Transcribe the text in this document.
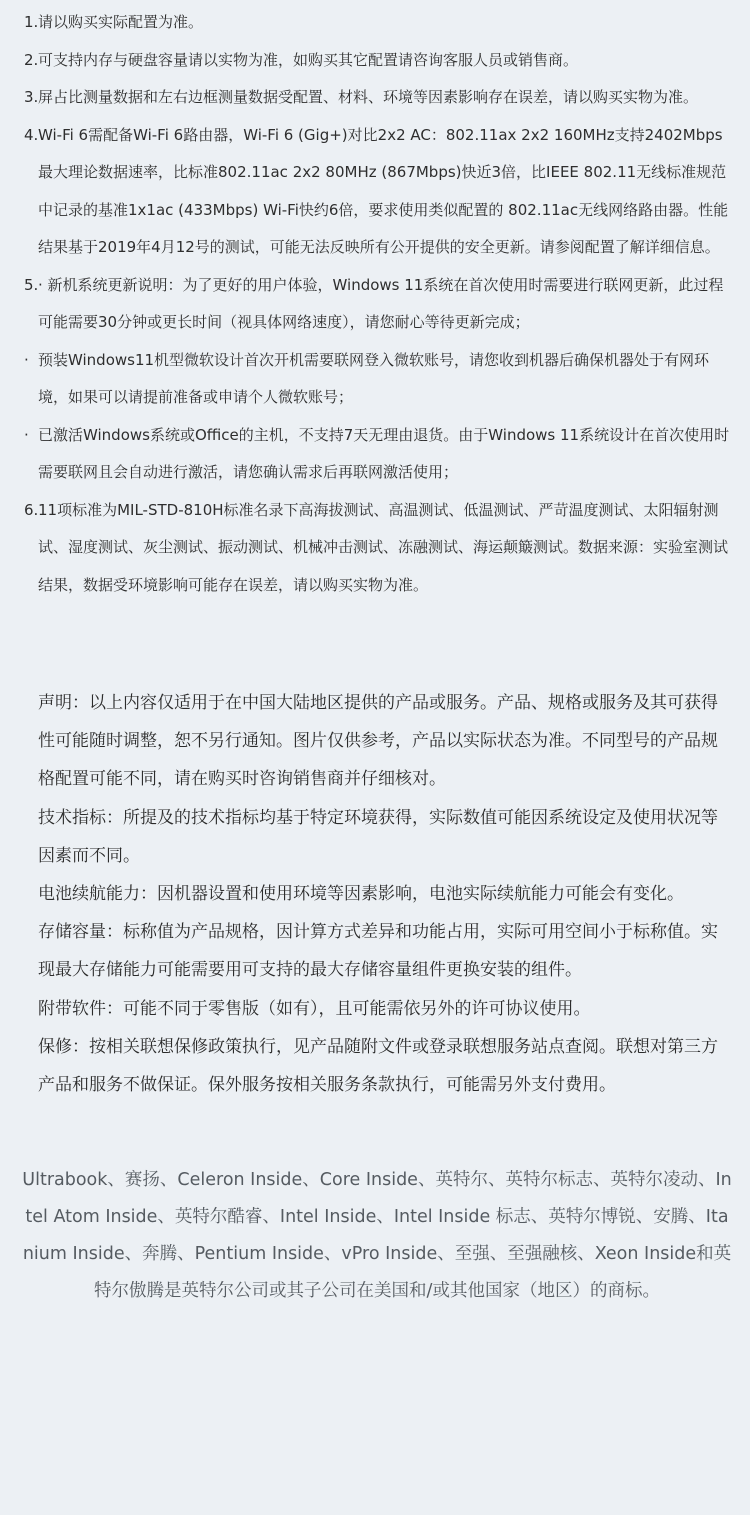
1. 请以购买实际配置为准。
2. 可支持内存与硬盘容量请以实物为准，如购买其它配置请咨询客服人员或销售商。
3. 屏占比测量数据和左右边框测量数据受配置、材料、环境等因素影响存在误差，请以购买实物为准。
4. Wi-Fi 6需配备Wi-Fi 6路由器，Wi-Fi 6 (Gig+)对比2x2 AC：802.11ax 2x2 160MHz支持2402Mbps最大理论数据速率，比标准802.11ac 2x2 80MHz (867Mbps)快近3倍，比IEEE 802.11无线标准规范中记录的基准1x1ac (433Mbps) Wi-Fi快约6倍，要求使用类似配置的 802.11ac无线网络路由器。性能结果基于2019年4月12号的测试，可能无法反映所有公开提供的安全更新。请参阅配置了解详细信息。
5. · 新机系统更新说明：为了更好的用户体验，Windows 11系统在首次使用时需要进行联网更新，此过程可能需要30分钟或更长时间（视具体网络速度），请您耐心等待更新完成；
· 预装Windows11机型微软设计首次开机需要联网登入微软账号，请您收到机器后确保机器处于有网环境，如果可以请提前准备或申请个人微软账号；
· 已激活Windows系统或Office的主机，不支持7天无理由退货。由于Windows 11系统设计在首次使用时需要联网且会自动进行激活，请您确认需求后再联网激活使用；
6. 11项标准为MIL-STD-810H标准名录下高海拔测试、高温测试、低温测试、严苛温度测试、太阳辐射测试、湿度测试、灰尘测试、振动测试、机械冲击测试、冻融测试、海运颠簸测试。数据来源：实验室测试结果，数据受环境影响可能存在误差，请以购买实物为准。
声明：以上内容仅适用于在中国大陆地区提供的产品或服务。产品、规格或服务及其可获得性可能随时调整，恕不另行通知。图片仅供参考，产品以实际状态为准。不同型号的产品规格配置可能不同，请在购买时咨询销售商并仔细核对。
技术指标：所提及的技术指标均基于特定环境获得，实际数值可能因系统设定及使用状况等因素而不同。
电池续航能力：因机器设置和使用环境等因素影响，电池实际续航能力可能会有变化。
存储容量：标称值为产品规格，因计算方式差异和功能占用，实际可用空间小于标称值。实现最大存储能力可能需要用可支持的最大存储容量组件更换安装的组件。
附带软件：可能不同于零售版（如有），且可能需依另外的许可协议使用。
保修：按相关联想保修政策执行，见产品随附文件或登录联想服务站点查阅。联想对第三方产品和服务不做保证。保外服务按相关服务条款执行，可能需另外支付费用。
Ultrabook、赛扬、Celeron Inside、Core Inside、英特尔、英特尔标志、英特尔凌动、Intel Atom Inside、英特尔酷睿、Intel Inside、Intel Inside 标志、英特尔博锐、安腾、Itanium Inside、奔腾、Pentium Inside、vPro Inside、至强、至强融核、Xeon Inside和英特尔傲腾是英特尔公司或其子公司在美国和/或其他国家（地区）的商标。
